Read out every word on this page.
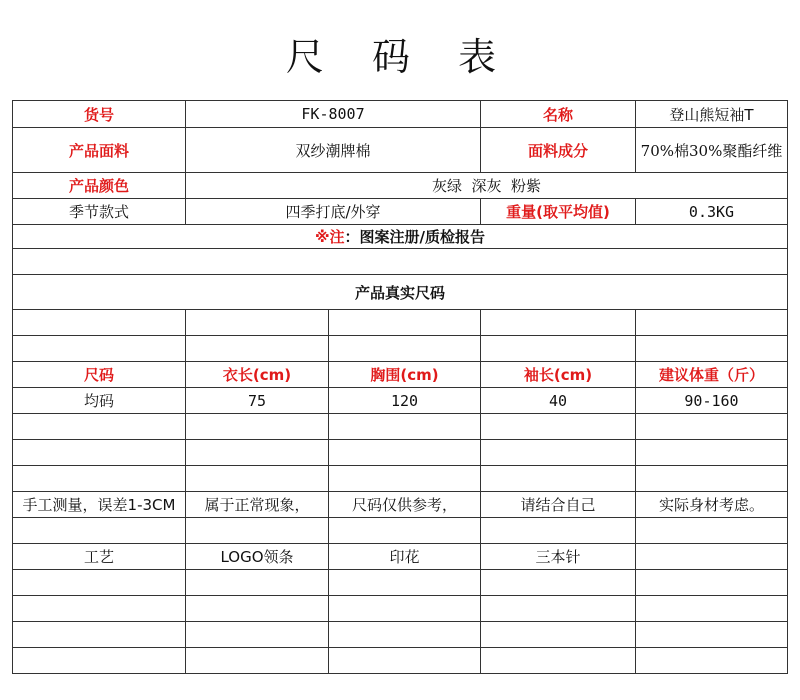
尺 码 表
货号	FK-8007		名称	登山熊短袖T
产品面料	双纱潮牌棉		面料成分	70%棉30%聚酯纤维
产品颜色	灰绿  深灰  粉紫			
季节款式	四季打底/外穿		重量(取平均值)	0.3KG
※注：图案注册/质检报告				

产品真实尺码				

尺码	衣长(cm)	胸围(cm)	袖长(cm)	建议体重（斤）
均码	75	120	40	90-160

手工测量，误差1-3CM	属于正常现象，	尺码仅供参考，	请结合自己	实际身材考虑。

工艺	LOGO领条	印花	三本针	
